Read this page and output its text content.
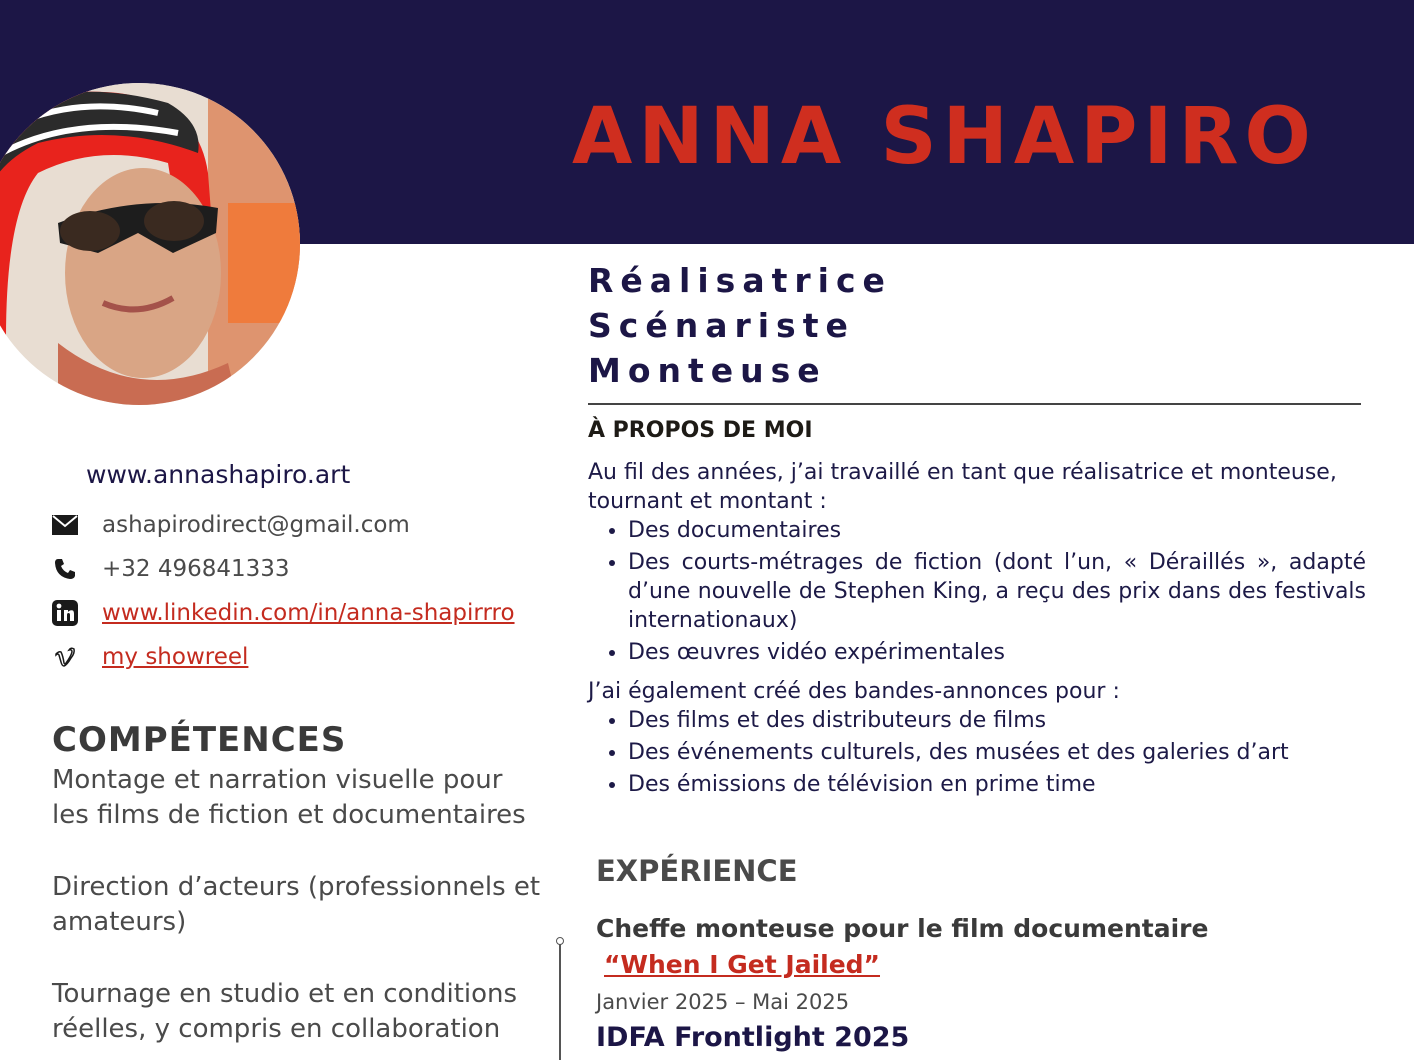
ANNA SHAPIRO
Réalisatrice
Scénariste
Monteuse
À PROPOS DE MOI

Au fil des années, j’ai travaillé en tant que réalisatrice et monteuse, tournant et montant :

• Des documentaires
• Des courts-métrages de fiction (dont l’un, « Déraillés », adapté d’une nouvelle de Stephen King, a reçu des prix dans des festivals internationaux)
• Des œuvres vidéo expérimentales

J’ai également créé des bandes-annonces pour :

• Des films et des distributeurs de films
• Des événements culturels, des musées et des galeries d’art
• Des émissions de télévision en prime time
www.annashapiro.art
ashapirodirect@gmail.com
+32 496841333
www.linkedin.com/in/anna-shapirrro
my showreel
COMPÉTENCES
Montage et narration visuelle pour les films de fiction et documentaires
Direction d’acteurs (professionnels et amateurs)
Tournage en studio et en conditions réelles, y compris en collaboration
EXPÉRIENCE
Cheffe monteuse pour le film documentaire
“When I Get Jailed”
Janvier 2025 – Mai 2025
IDFA Frontlight 2025
